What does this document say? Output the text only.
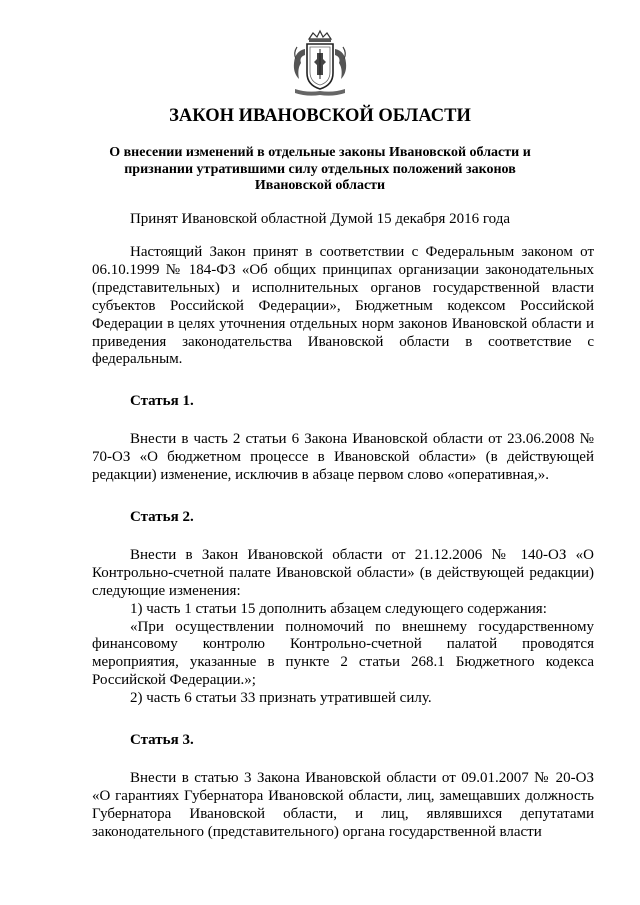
ЗАКОН ИВАНОВСКОЙ ОБЛАСТИ
О внесении изменений в отдельные законы Ивановской области и признании утратившими силу отдельных положений законов Ивановской области

Принят Ивановской областной Думой 15 декабря 2016 года

Настоящий Закон принят в соответствии с Федеральным законом от 06.10.1999 № 184-ФЗ «Об общих принципах организации законодательных (представительных) и исполнительных органов государственной власти субъектов Российской Федерации», Бюджетным кодексом Российской Федерации в целях уточнения отдельных норм законов Ивановской области и приведения законодательства Ивановской области в соответствие с федеральным.

Статья 1.

Внести в часть 2 статьи 6 Закона Ивановской области от 23.06.2008 № 70-ОЗ «О бюджетном процессе в Ивановской области» (в действующей редакции) изменение, исключив в абзаце первом слово «оперативная,».

Статья 2.

Внести в Закон Ивановской области от 21.12.2006 № 140-ОЗ «О Контрольно-счетной палате Ивановской области» (в действующей редакции) следующие изменения:

1) часть 1 статьи 15 дополнить абзацем следующего содержания:

«При осуществлении полномочий по внешнему государственному финансовому контролю Контрольно-счетной палатой проводятся мероприятия, указанные в пункте 2 статьи 268.1 Бюджетного кодекса Российской Федерации.»;

2) часть 6 статьи 33 признать утратившей силу.

Статья 3.

Внести в статью 3 Закона Ивановской области от 09.01.2007 № 20-ОЗ «О гарантиях Губернатора Ивановской области, лиц, замещавших должность Губернатора Ивановской области, и лиц, являвшихся депутатами законодательного (представительного) органа государственной власти
